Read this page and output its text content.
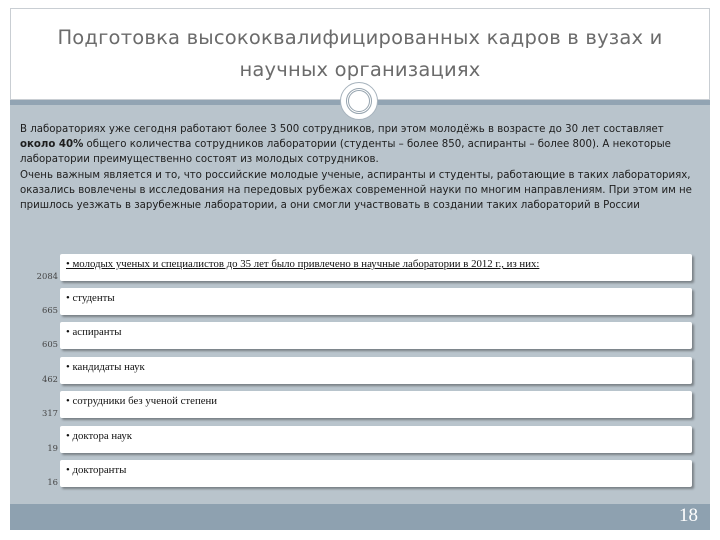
Подготовка высококвалифицированных кадров в вузах и научных организациях

В лабораториях уже сегодня работают более 3 500 сотрудников, при этом молодёжь в возрасте до 30 лет составляет около 40% общего количества сотрудников лаборатории (студенты – более 850, аспиранты – более 800). А некоторые лаборатории преимущественно состоят из молодых сотрудников.

Очень важным является и то, что российские молодые ученые, аспиранты и студенты, работающие в таких лабораториях, оказались вовлечены в исследования на передовых рубежах современной науки по многим направлениям. При этом им не пришлось уезжать в зарубежные лаборатории, а они смогли участвовать в создании таких лабораторий в России

2084
• молодых ученых и специалистов до 35 лет было привлечено в научные лаборатории в 2012 г., из них:
665
• студенты
605
• аспиранты
462
• кандидаты наук
317
• сотрудники без ученой степени
19
• доктора наук
16
• докторанты
18
